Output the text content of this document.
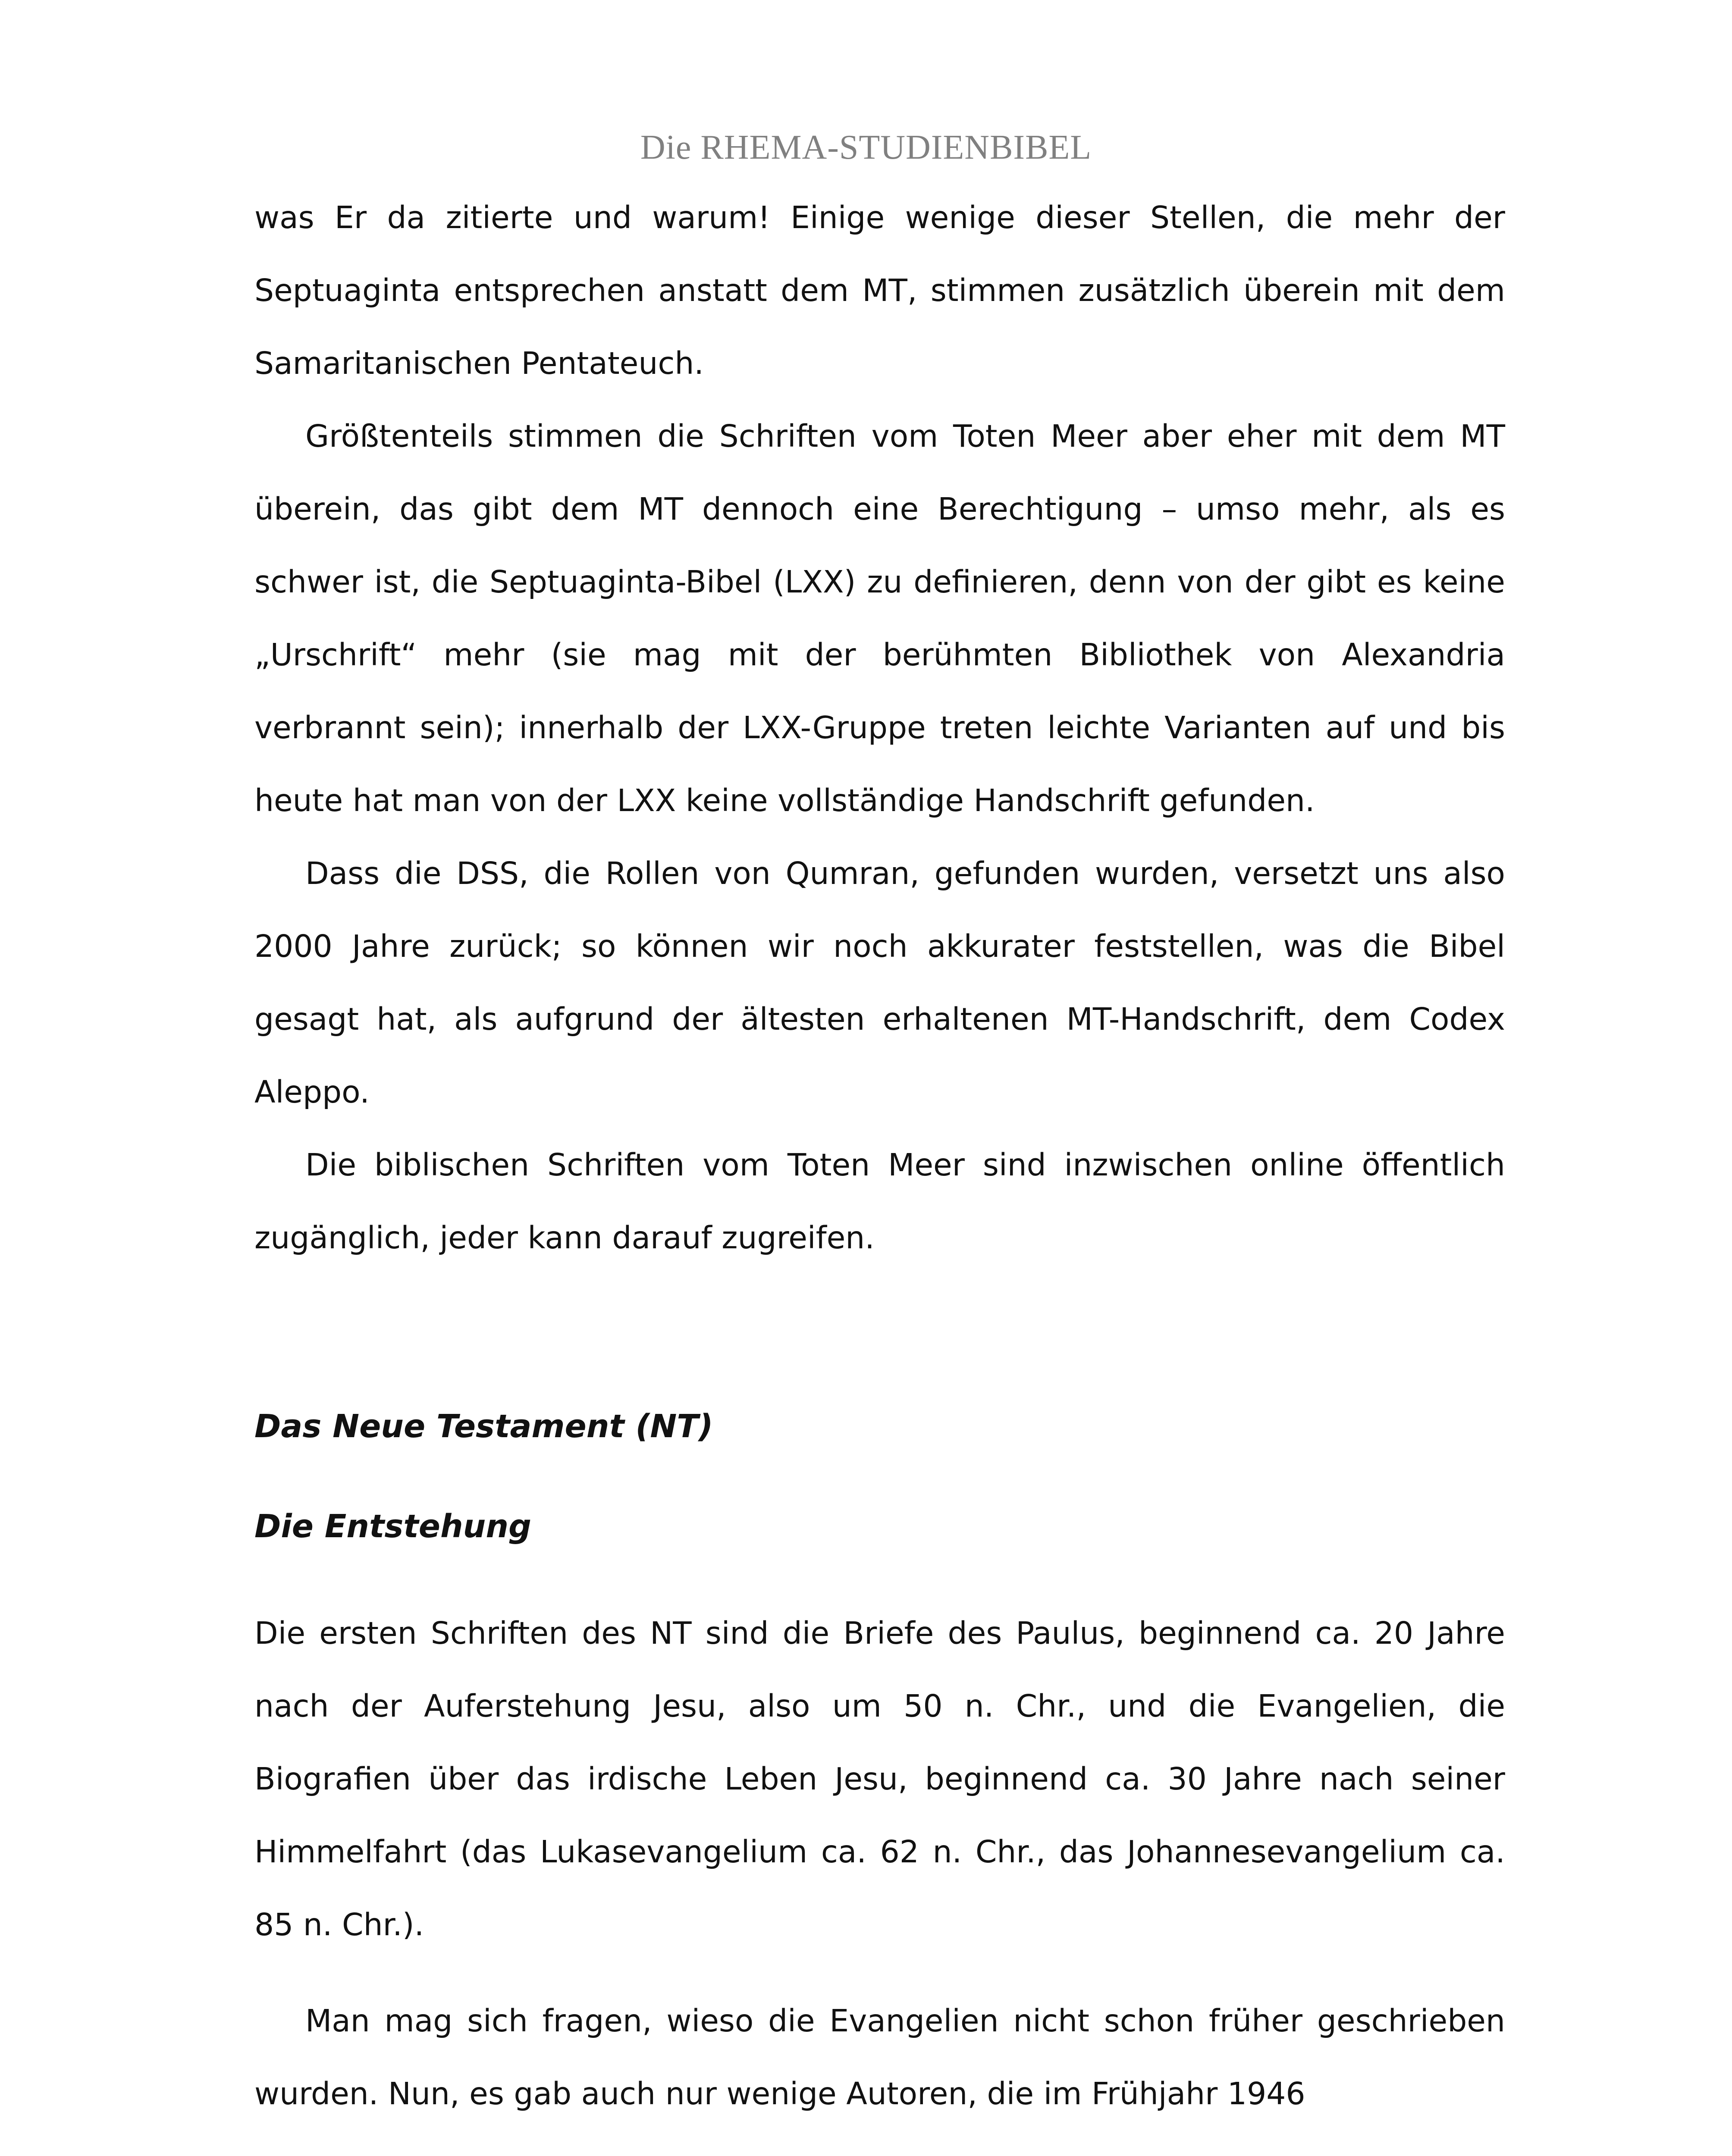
Die RHEMA-STUDIENBIBEL

was Er da zitierte und warum! Einige wenige dieser Stellen, die mehr der Septuaginta entsprechen anstatt dem MT, stimmen zusätzlich überein mit dem Samaritanischen Pentateuch.

Größtenteils stimmen die Schriften vom Toten Meer aber eher mit dem MT überein, das gibt dem MT dennoch eine Berechtigung – umso mehr, als es schwer ist, die Septuaginta-Bibel (LXX) zu definieren, denn von der gibt es keine „Urschrift“ mehr (sie mag mit der berühmten Bibliothek von Alexandria verbrannt sein); innerhalb der LXX-Gruppe treten leichte Varianten auf und bis heute hat man von der LXX keine vollständige Handschrift gefunden.

Dass die DSS, die Rollen von Qumran, gefunden wurden, versetzt uns also 2000 Jahre zurück; so können wir noch akkurater feststellen, was die Bibel gesagt hat, als aufgrund der ältesten erhaltenen MT-Handschrift, dem Codex Aleppo.

Die biblischen Schriften vom Toten Meer sind inzwischen online öffentlich zugänglich, jeder kann darauf zugreifen.

Das Neue Testament (NT)
Die Entstehung

Die ersten Schriften des NT sind die Briefe des Paulus, beginnend ca. 20 Jahre nach der Auferstehung Jesu, also um 50 n. Chr., und die Evangelien, die Biografien über das irdische Leben Jesu, beginnend ca. 30 Jahre nach seiner Himmelfahrt (das Lukasevangelium ca. 62 n. Chr., das Johannesevangelium ca. 85 n. Chr.).

Man mag sich fragen, wieso die Evangelien nicht schon früher geschrieben wurden. Nun, es gab auch nur wenige Autoren, die im Frühjahr 1946
